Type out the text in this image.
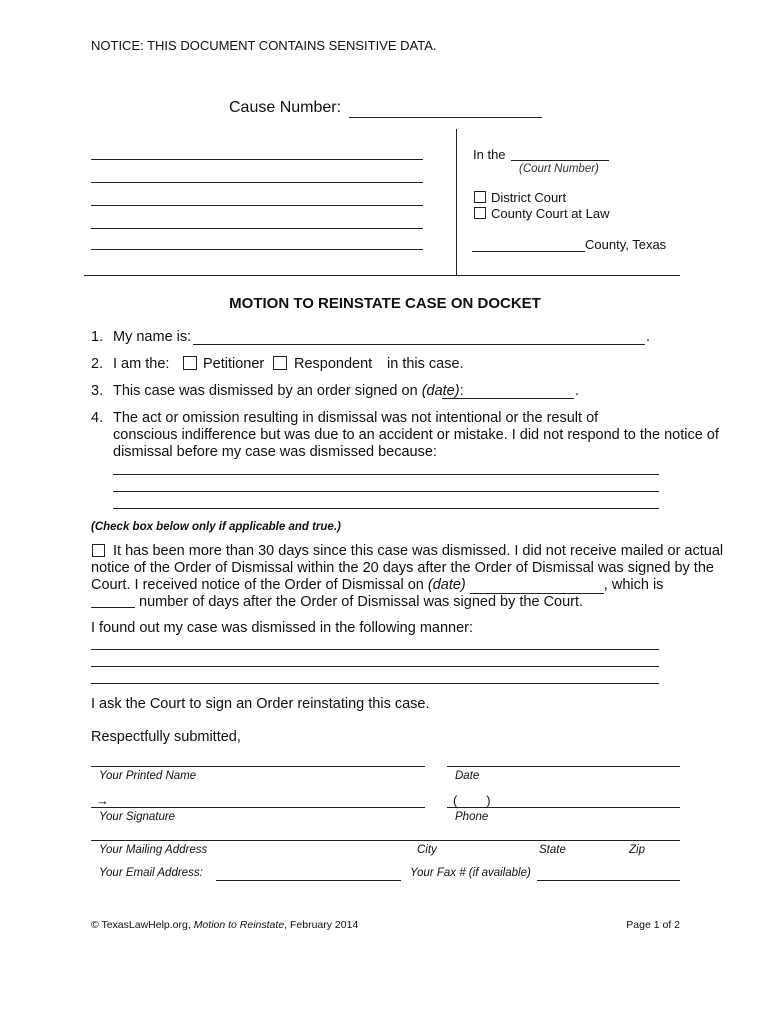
NOTICE: THIS DOCUMENT CONTAINS SENSITIVE DATA.
Cause Number:
In the
(Court Number)
District Court
County Court at Law
County, Texas
MOTION TO REINSTATE CASE ON DOCKET
1. My name is:	.
2. I am the: Petitioner Respondent in this case.
3. This case was dismissed by an order signed on (date):	.
4. The act or omission resulting in dismissal was not intentional or the result of
conscious indifference but was due to an accident or mistake. I did not respond to the notice of
dismissal before my case was dismissed because:
(Check box below only if applicable and true.)
It has been more than 30 days since this case was dismissed. I did not receive mailed or actual
notice of the Order of Dismissal within the 20 days after the Order of Dismissal was signed by the
Court. I received notice of the Order of Dismissal on (date)	, which is
number of days after the Order of Dismissal was signed by the Court.
I found out my case was dismissed in the following manner:
I ask the Court to sign an Order reinstating this case.
Respectfully submitted,
Your Printed Name	Date
→	(        )
Your Signature	Phone
Your Mailing Address	City	State	Zip
Your Email Address:	Your Fax # (if available)
© TexasLawHelp.org, Motion to Reinstate, February 2014	Page 1 of 2
